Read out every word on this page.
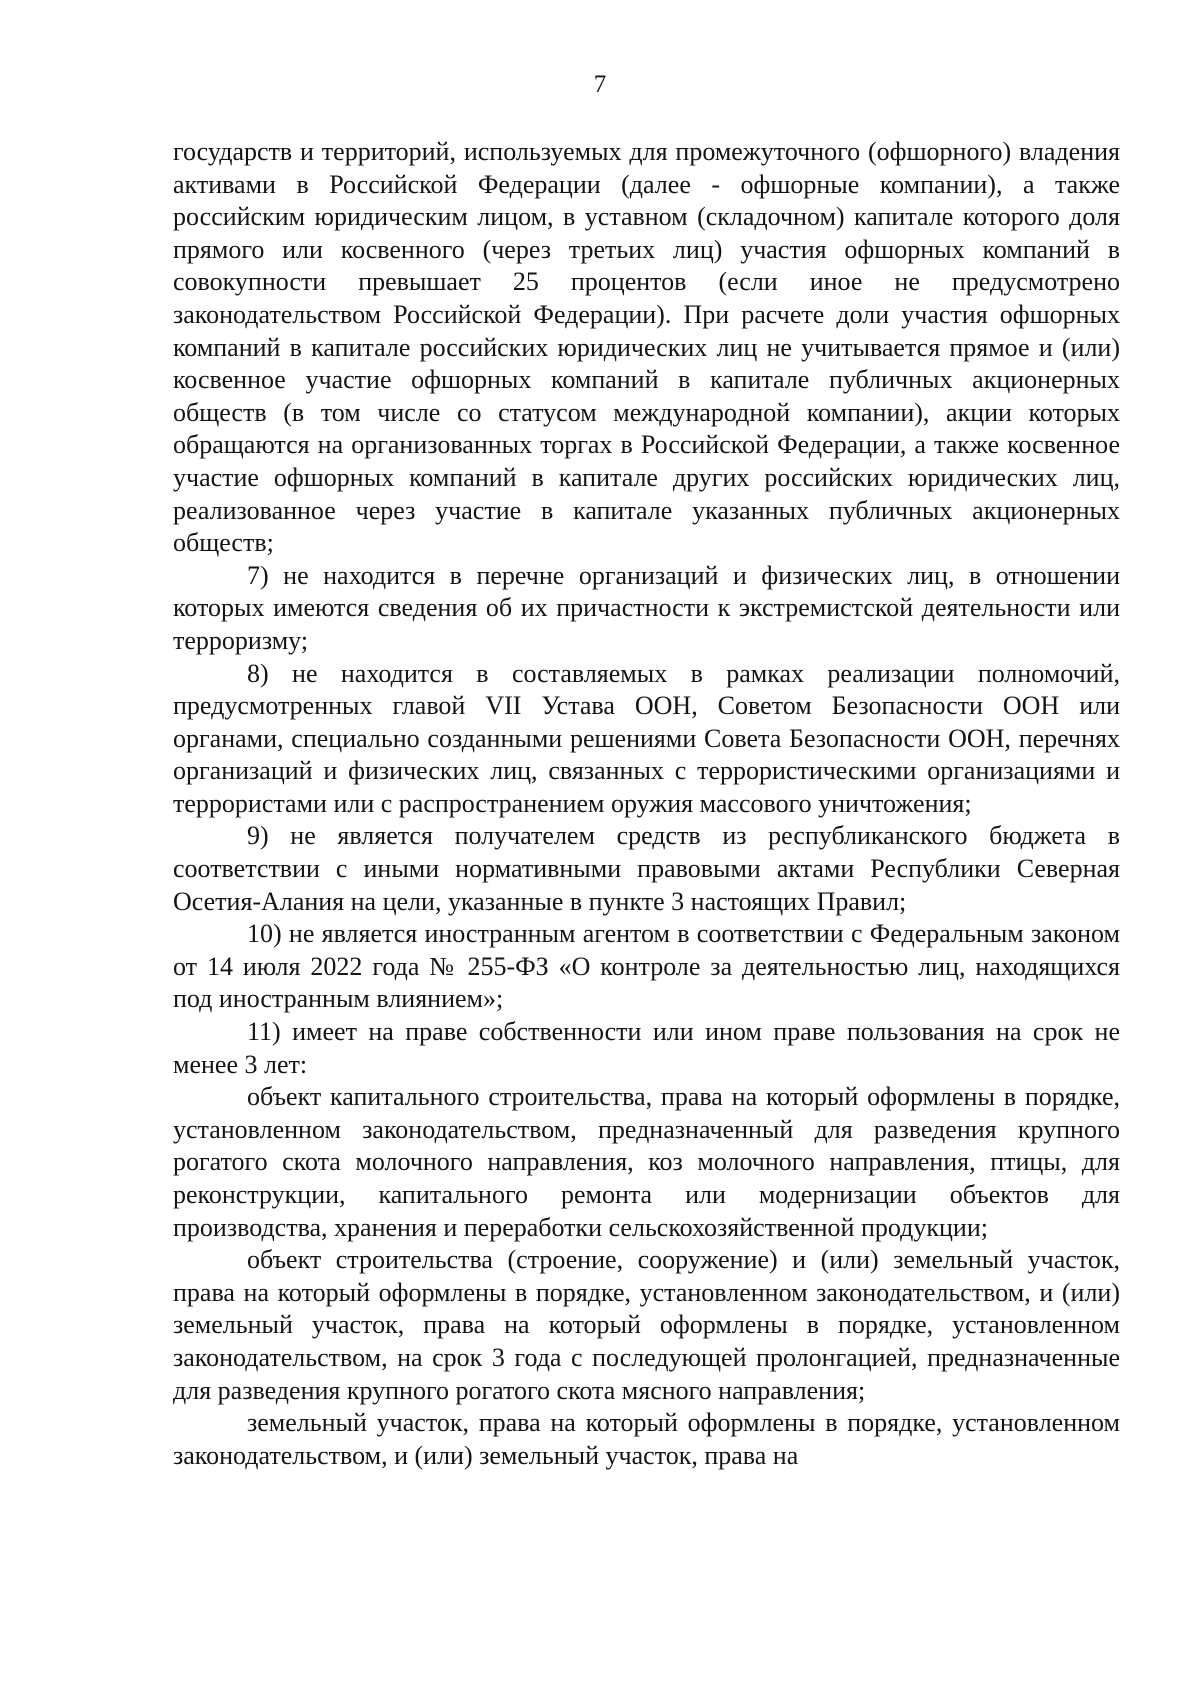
7

государств и территорий, используемых для промежуточного (офшорного) владения активами в Российской Федерации (далее - офшорные компании), а также российским юридическим лицом, в уставном (складочном) капитале которого доля прямого или косвенного (через третьих лиц) участия офшорных компаний в совокупности превышает 25 процентов (если иное не предусмотрено законодательством Российской Федерации). При расчете доли участия офшорных компаний в капитале российских юридических лиц не учитывается прямое и (или) косвенное участие офшорных компаний в капитале публичных акционерных обществ (в том числе со статусом международной компании), акции которых обращаются на организованных торгах в Российской Федерации, а также косвенное участие офшорных компаний в капитале других российских юридических лиц, реализованное через участие в капитале указанных публичных акционерных обществ;

7) не находится в перечне организаций и физических лиц, в отношении которых имеются сведения об их причастности к экстремистской деятельности или терроризму;

8) не находится в составляемых в рамках реализации полномочий, предусмотренных главой VII Устава ООН, Советом Безопасности ООН или органами, специально созданными решениями Совета Безопасности ООН, перечнях организаций и физических лиц, связанных с террористическими организациями и террористами или с распространением оружия массового уничтожения;

9) не является получателем средств из республиканского бюджета в соответствии с иными нормативными правовыми актами Республики Северная Осетия-Алания на цели, указанные в пункте 3 настоящих Правил;

10) не является иностранным агентом в соответствии с Федеральным законом от 14 июля 2022 года № 255-ФЗ «О контроле за деятельностью лиц, находящихся под иностранным влиянием»;

11) имеет на праве собственности или ином праве пользования на срок не менее 3 лет:

объект капитального строительства, права на который оформлены в порядке, установленном законодательством, предназначенный для разведения крупного рогатого скота молочного направления, коз молочного направления, птицы, для реконструкции, капитального ремонта или модернизации объектов для производства, хранения и переработки сельскохозяйственной продукции;

объект строительства (строение, сооружение) и (или) земельный участок, права на который оформлены в порядке, установленном законодательством, и (или) земельный участок, права на который оформлены в порядке, установленном законодательством, на срок 3 года с последующей пролонгацией, предназначенные для разведения крупного рогатого скота мясного направления;

земельный участок, права на который оформлены в порядке, установленном законодательством, и (или) земельный участок, права на
